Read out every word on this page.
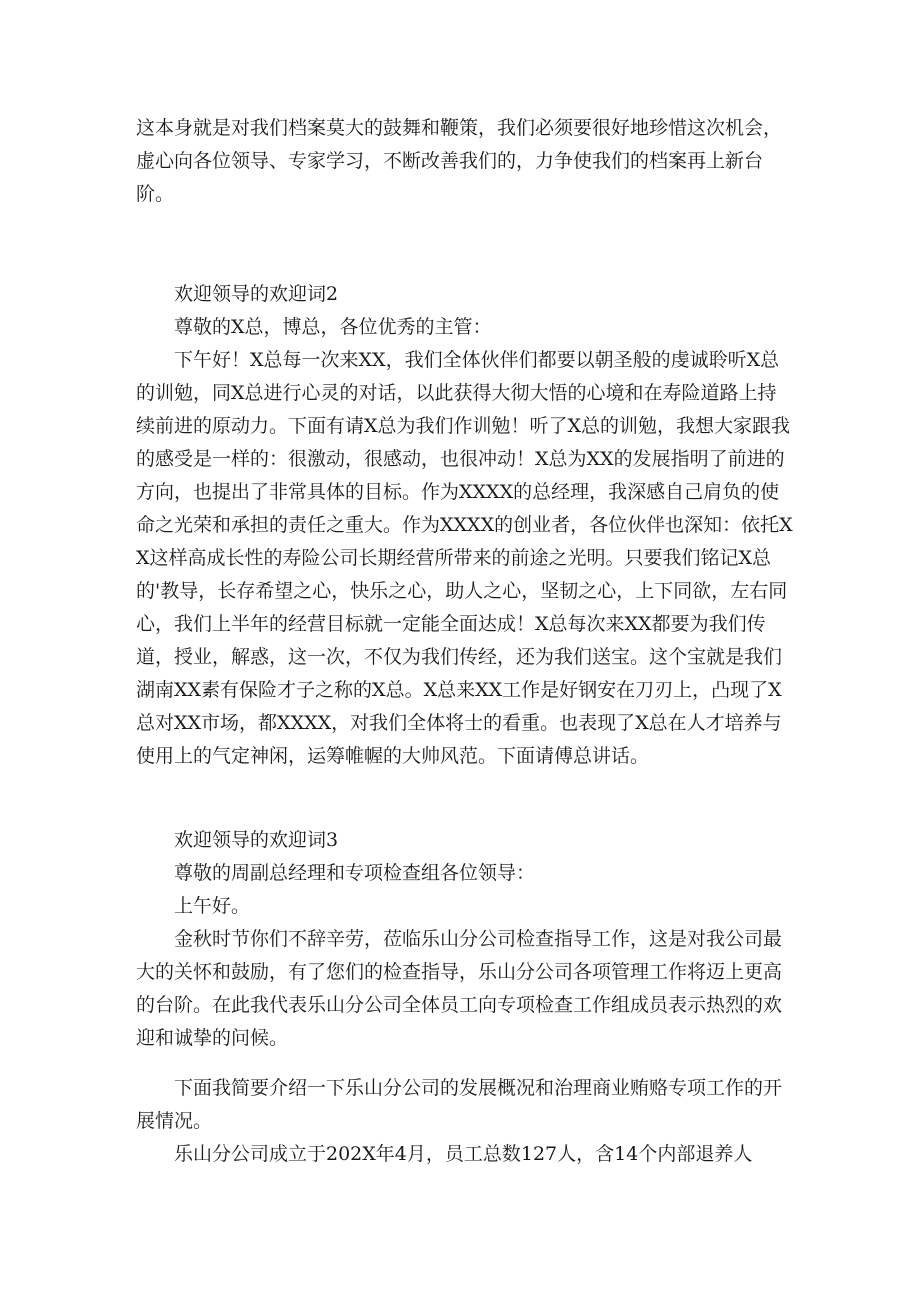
这本身就是对我们档案莫大的鼓舞和鞭策，我们必须要很好地珍惜这次机会，虚心向各位领导、专家学习，不断改善我们的，力争使我们的档案再上新台阶。

欢迎领导的欢迎词2

尊敬的X总，博总，各位优秀的主管：

下午好！X总每一次来XX，我们全体伙伴们都要以朝圣般的虔诚聆听X总的训勉，同X总进行心灵的对话，以此获得大彻大悟的心境和在寿险道路上持续前进的原动力。下面有请X总为我们作训勉！听了X总的训勉，我想大家跟我的感受是一样的：很激动，很感动，也很冲动！X总为XX的发展指明了前进的方向，也提出了非常具体的目标。作为XXXX的总经理，我深感自己肩负的使命之光荣和承担的责任之重大。作为XXXX的创业者，各位伙伴也深知：依托XX这样高成长性的寿险公司长期经营所带来的前途之光明。只要我们铭记X总的'教导，长存希望之心，快乐之心，助人之心，坚韧之心，上下同欲，左右同心，我们上半年的经营目标就一定能全面达成！X总每次来XX都要为我们传道，授业，解惑，这一次，不仅为我们传经，还为我们送宝。这个宝就是我们湖南XX素有保险才子之称的X总。X总来XX工作是好钢安在刀刃上，凸现了X总对XX市场，都XXXX，对我们全体将士的看重。也表现了X总在人才培养与使用上的气定神闲，运筹帷幄的大帅风范。下面请傅总讲话。

欢迎领导的欢迎词3

尊敬的周副总经理和专项检查组各位领导：

上午好。

金秋时节你们不辞辛劳，莅临乐山分公司检查指导工作，这是对我公司最大的关怀和鼓励，有了您们的检查指导，乐山分公司各项管理工作将迈上更高的台阶。在此我代表乐山分公司全体员工向专项检查工作组成员表示热烈的欢迎和诚挚的问候。

下面我简要介绍一下乐山分公司的发展概况和治理商业贿赂专项工作的开展情况。

乐山分公司成立于202X年4月，员工总数127人，含14个内部退养人
